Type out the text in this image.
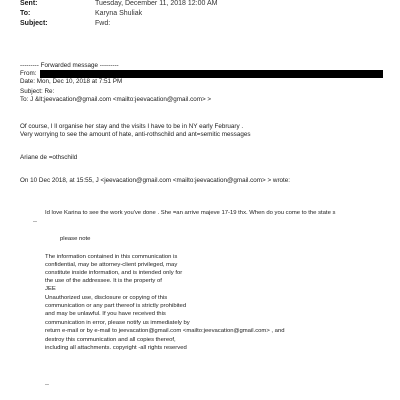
Sent:	Tuesday, December 11, 2018 12:00 AM
To:	Karyna Shuliak
Subject:	Fwd:
--------- Forwarded message ---------
From:
Date: Mon, Dec 10, 2018 at 7:51 PM
Subject: Re:
To: J &lt;jeevacation@gmail.com <mailto:jeevacation@gmail.com> >
Of course, I ll organise her stay and the visits I have to be in NY early February .
Very worrying to see the amount of hate, anti-rothschild and ant=semitic messages
Ariane de =othschild
On 10 Dec 2018, at 15:55, J <jeevacation@gmail.com <mailto:jeevacation@gmail.com> > wrote:
Id love Karina to see the work you've done . She =an arrive majeve 17-19 thx. When do you come to the state s
--
please note
The information contained in this communication is
confidential, may be attorney-client privileged, may
constitute inside information, and is intended only for
the use of the addressee. It is the property of
JEE
Unauthorized use, disclosure or copying of this
communication or any part thereof is strictly prohibited
and may be unlawful. If you have received this
communication in error, please notify us immediately by
return e-mail or by e-mail to jeevacation@gmail.com <mailto:jeevacation@gmail.com> , and
destroy this communication and all copies thereof,
including all attachments. copyright -all rights reserved
--
